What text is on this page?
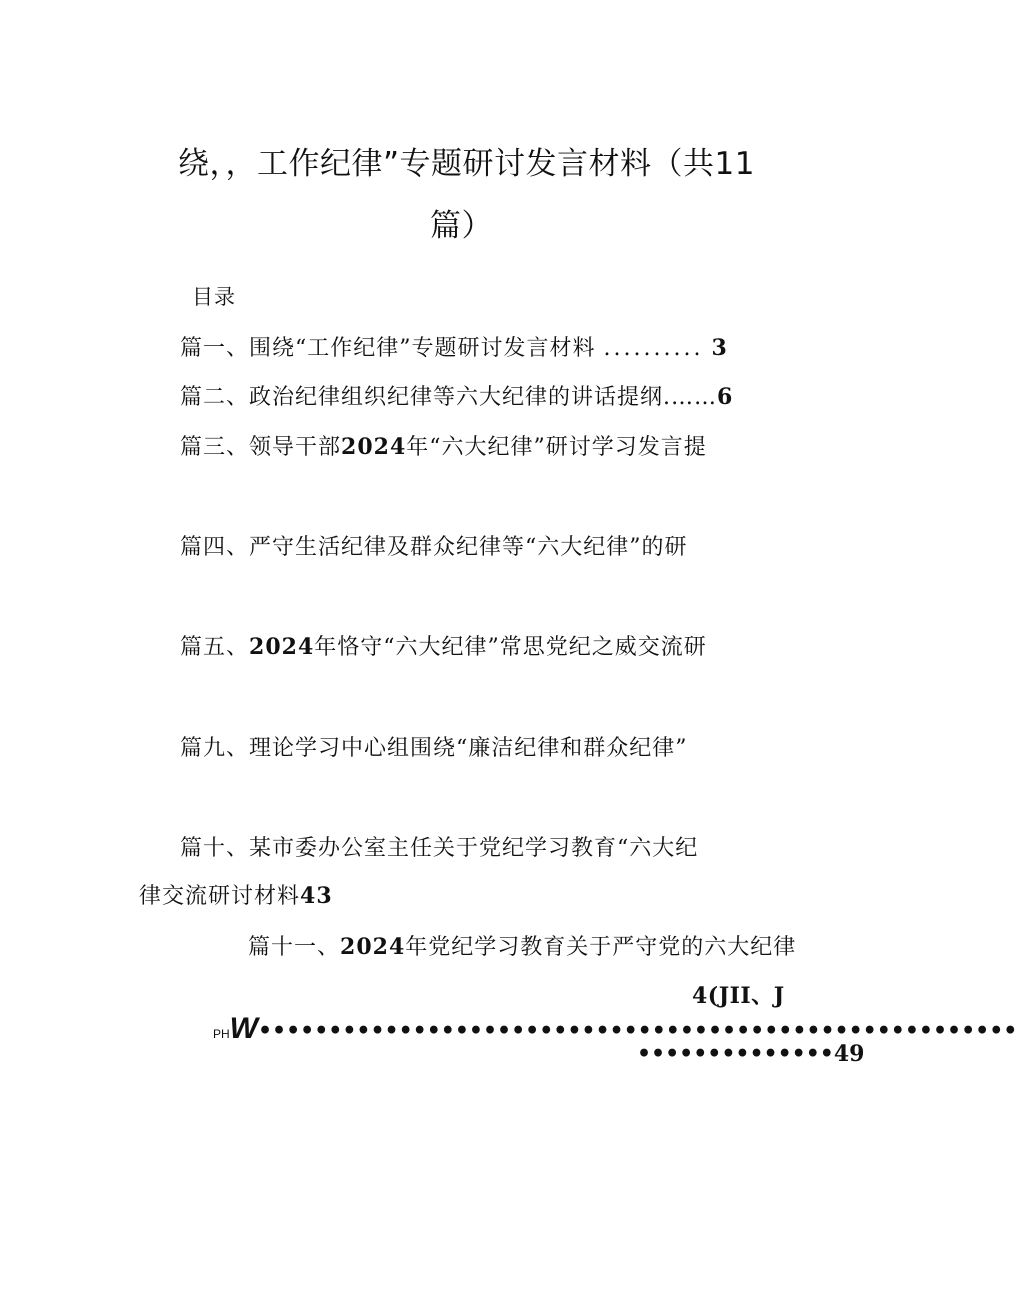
绕，，工作纪律”专题研讨发言材料（共11
篇）
目录
篇一、围绕“工作纪律”专题研讨发言材料 .......... 3
篇二、政治纪律组织纪律等六大纪律的讲话提纲.……6
篇三、领导干部2024年“六大纪律”研讨学习发言提
篇四、严守生活纪律及群众纪律等“六大纪律”的研
篇五、2024年恪守“六大纪律”常思党纪之威交流研
篇九、理论学习中心组围绕“廉洁纪律和群众纪律”
篇十、某市委办公室主任关于党纪学习教育“六大纪
律交流研讨材料43
篇十一、2024年党纪学习教育关于严守党的六大纪律
4(JII、J
PHW••••••••••••••••••••••••••••••••••••••••••••••••••••••
••••••••••••••49
